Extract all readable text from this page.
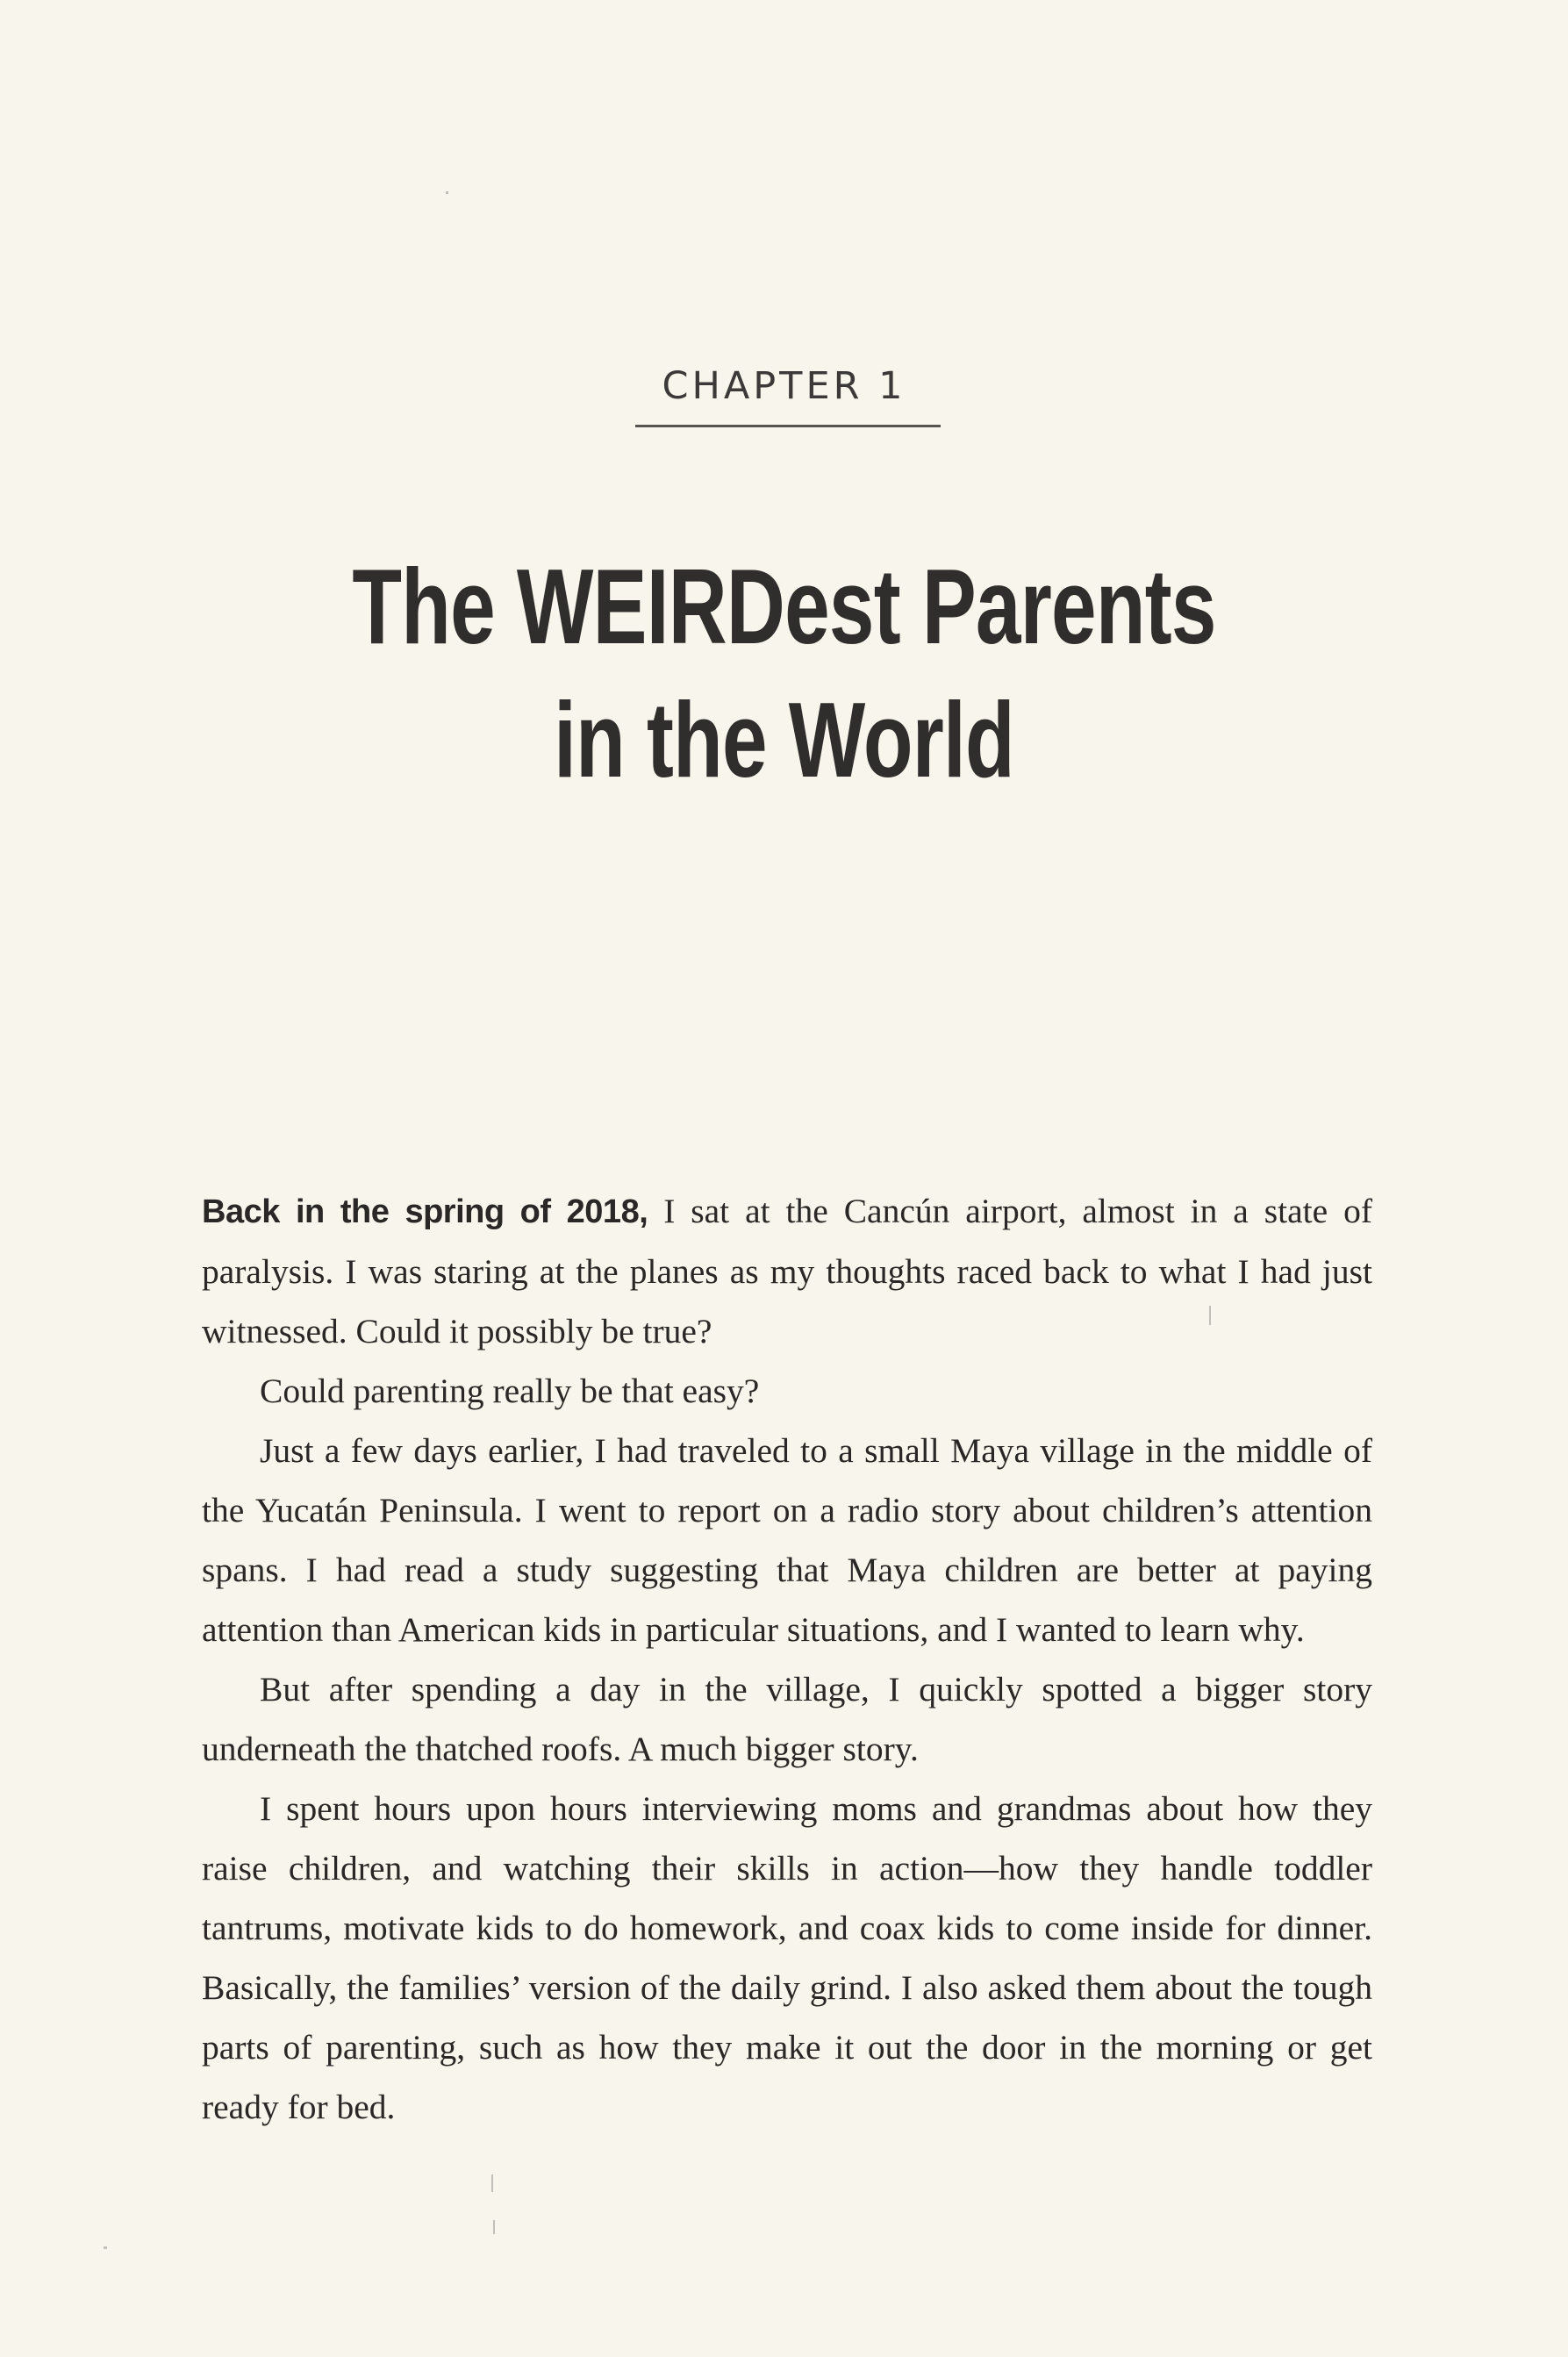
CHAPTER 1
The WEIRDest Parents
in the World

Back in the spring of 2018, I sat at the Cancún airport, almost in a state of paralysis. I was staring at the planes as my thoughts raced back to what I had just witnessed. Could it possibly be true?

Could parenting really be that easy?

Just a few days earlier, I had traveled to a small Maya village in the middle of the Yucatán Peninsula. I went to report on a radio story about children’s attention spans. I had read a study suggesting that Maya children are better at paying attention than American kids in particular situations, and I wanted to learn why.

But after spending a day in the village, I quickly spotted a bigger story underneath the thatched roofs. A much bigger story.

I spent hours upon hours interviewing moms and grandmas about how they raise children, and watching their skills in action—how they handle toddler tantrums, motivate kids to do homework, and coax kids to come inside for dinner. Basically, the families’ version of the daily grind. I also asked them about the tough parts of parenting, such as how they make it out the door in the morning or get ready for bed.
